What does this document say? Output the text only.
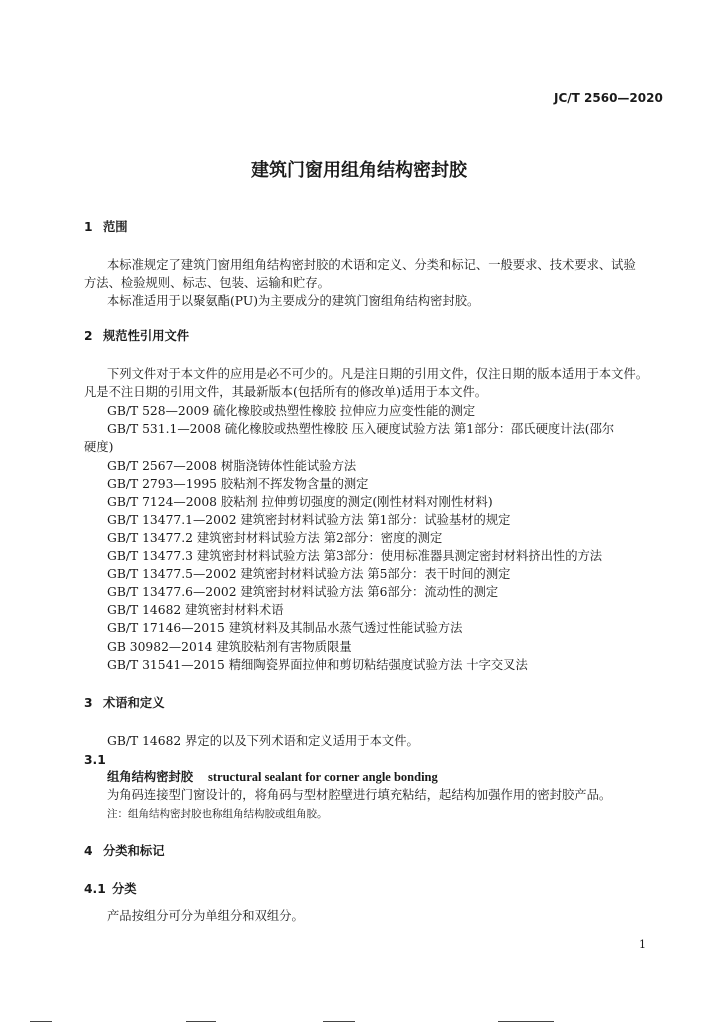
JC/T 2560—2020
建筑门窗用组角结构密封胶
1 范围
本标准规定了建筑门窗用组角结构密封胶的术语和定义、分类和标记、一般要求、技术要求、试验
方法、检验规则、标志、包装、运输和贮存。
本标准适用于以聚氨酯(PU)为主要成分的建筑门窗组角结构密封胶。
2 规范性引用文件
下列文件对于本文件的应用是必不可少的。凡是注日期的引用文件，仅注日期的版本适用于本文件。
凡是不注日期的引用文件，其最新版本(包括所有的修改单)适用于本文件。
GB/T 528—2009 硫化橡胶或热塑性橡胶 拉伸应力应变性能的测定
GB/T 531.1—2008 硫化橡胶或热塑性橡胶 压入硬度试验方法 第1部分：邵氏硬度计法(邵尔
硬度)
GB/T 2567—2008 树脂浇铸体性能试验方法
GB/T 2793—1995 胶粘剂不挥发物含量的测定
GB/T 7124—2008 胶粘剂 拉伸剪切强度的测定(刚性材料对刚性材料)
GB/T 13477.1—2002 建筑密封材料试验方法 第1部分：试验基材的规定
GB/T 13477.2 建筑密封材料试验方法 第2部分：密度的测定
GB/T 13477.3 建筑密封材料试验方法 第3部分：使用标准器具测定密封材料挤出性的方法
GB/T 13477.5—2002 建筑密封材料试验方法 第5部分：表干时间的测定
GB/T 13477.6—2002 建筑密封材料试验方法 第6部分：流动性的测定
GB/T 14682 建筑密封材料术语
GB/T 17146—2015 建筑材料及其制品水蒸气透过性能试验方法
GB 30982—2014 建筑胶粘剂有害物质限量
GB/T 31541—2015 精细陶瓷界面拉伸和剪切粘结强度试验方法 十字交叉法
3 术语和定义
GB/T 14682 界定的以及下列术语和定义适用于本文件。
3.1
组角结构密封胶 structural sealant for corner angle bonding
为角码连接型门窗设计的，将角码与型材腔壁进行填充粘结，起结构加强作用的密封胶产品。
注：组角结构密封胶也称组角结构胶或组角胶。
4 分类和标记
4.1 分类
产品按组分可分为单组分和双组分。
1
